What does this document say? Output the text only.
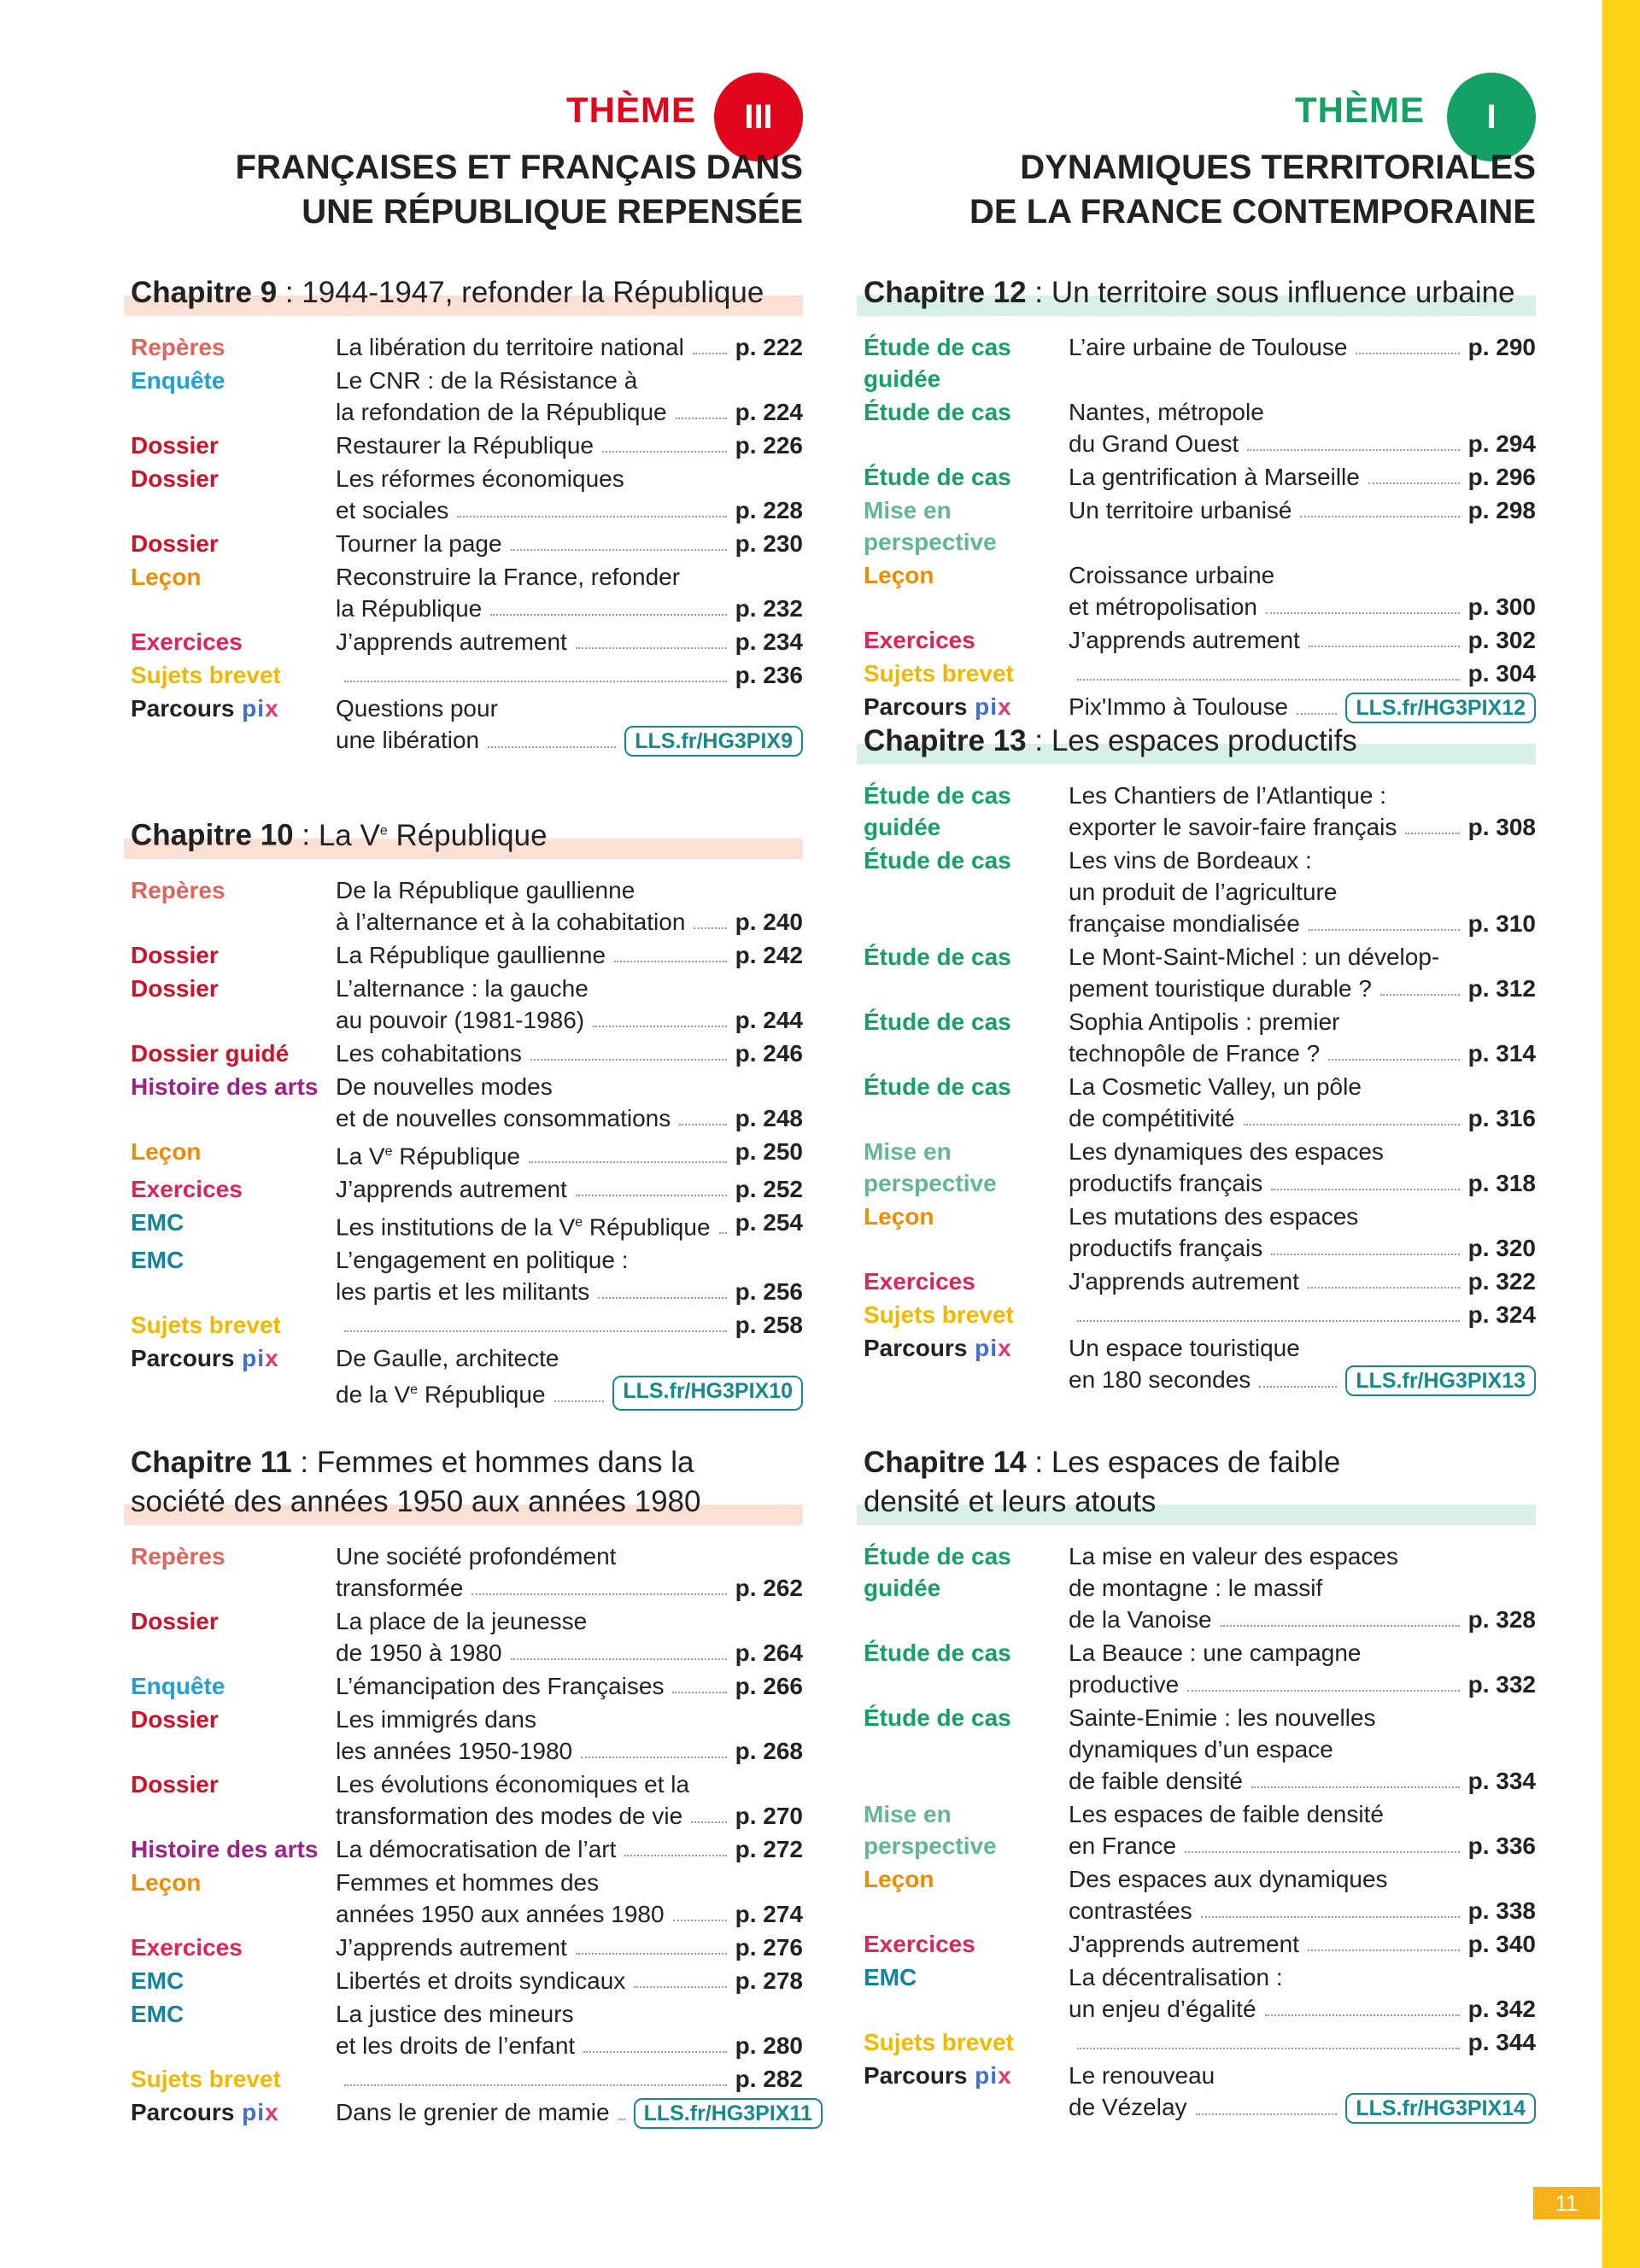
11
THÈME	III
FRANÇAISES ET FRANÇAIS DANS
UNE RÉPUBLIQUE REPENSÉE
Chapitre 9 : 1944-1947, refonder la République
Repères	La libération du territoire national p. 222
Enquête	Le CNR : de la Résistance à
la refondation de la République	p. 224
Dossier	Restaurer la République	p. 226
Dossier	Les réformes économiques
et sociales	p. 228
Dossier	Tourner la page	p. 230
Leçon	Reconstruire la France, refonder
la République	p. 232
Exercices	J’apprends autrement	p. 234
Sujets brevet	p. 236
Parcours pix	Questions pour
une libération	LLS.fr/HG3PIX9
Chapitre 10 : La Ve République
Repères	De la République gaullienne
à l’alternance et à la cohabitation p. 240
Dossier	La République gaullienne	p. 242
Dossier	L’alternance : la gauche
au pouvoir (1981-1986)	p. 244
Dossier guidé	Les cohabitations	p. 246
Histoire des arts De nouvelles modes
et de nouvelles consommations	p. 248
Leçon	La Ve République	p. 250
Exercices	J’apprends autrement	p. 252
EMC	Les institutions de la Ve République p. 254
EMC	L’engagement en politique :
les partis et les militants	p. 256
Sujets brevet	p. 258
Parcours pix	De Gaulle, architecte
de la Ve République	LLS.fr/HG3PIX10
Chapitre 11 : Femmes et hommes dans la
société des années 1950 aux années 1980
Repères	Une société profondément
transformée	p. 262
Dossier	La place de la jeunesse
de 1950 à 1980	p. 264
Enquête	L’émancipation des Françaises	p. 266
Dossier	Les immigrés dans
les années 1950-1980	p. 268
Dossier	Les évolutions économiques et la
transformation des modes de vie p. 270
Histoire des arts La démocratisation de l’art	p. 272
Leçon	Femmes et hommes des
années 1950 aux années 1980	p. 274
Exercices	J’apprends autrement	p. 276
EMC	Libertés et droits syndicaux	p. 278
EMC	La justice des mineurs
et les droits de l’enfant	p. 280
Sujets brevet	p. 282
Parcours pix	Dans le grenier de mamie	LLS.fr/HG3PIX11
THÈME	I
DYNAMIQUES TERRITORIALES
DE LA FRANCE CONTEMPORAINE
Chapitre 12 : Un territoire sous influence urbaine
Étude de cas guidée
L’aire urbaine de Toulouse	p. 290
Étude de cas	Nantes, métropole
du Grand Ouest	p. 294
Étude de cas	La gentrification à Marseille	p. 296
Mise en perspective
Un territoire urbanisé	p. 298
Leçon	Croissance urbaine
et métropolisation	p. 300
Exercices	J’apprends autrement	p. 302
Sujets brevet	p. 304
Parcours pix	Pix'Immo à Toulouse	LLS.fr/HG3PIX12
Chapitre 13 : Les espaces productifs
Étude de cas guidée
Les Chantiers de l’Atlantique :
exporter le savoir-faire français	p. 308
Étude de cas	Les vins de Bordeaux :
un produit de l’agriculture
française mondialisée	p. 310
Étude de cas	Le Mont-Saint-Michel : un dévelop-
pement touristique durable ?	p. 312
Étude de cas	Sophia Antipolis : premier
technopôle de France ?	p. 314
Étude de cas	La Cosmetic Valley, un pôle
de compétitivité	p. 316
Mise en perspective
Les dynamiques des espaces
productifs français	p. 318
Leçon	Les mutations des espaces
productifs français	p. 320
Exercices	J'apprends autrement	p. 322
Sujets brevet	p. 324
Parcours pix	Un espace touristique
en 180 secondes	LLS.fr/HG3PIX13
Chapitre 14 : Les espaces de faible
densité et leurs atouts
Étude de cas guidée
La mise en valeur des espaces
de montagne : le massif
de la Vanoise	p. 328
Étude de cas	La Beauce : une campagne
productive	p. 332
Étude de cas	Sainte-Enimie : les nouvelles
dynamiques d’un espace
de faible densité	p. 334
Mise en perspective
Les espaces de faible densité
en France	p. 336
Leçon	Des espaces aux dynamiques
contrastées	p. 338
Exercices	J'apprends autrement	p. 340
EMC	La décentralisation :
un enjeu d’égalité	p. 342
Sujets brevet	p. 344
Parcours pix	Le renouveau
de Vézelay	LLS.fr/HG3PIX14
